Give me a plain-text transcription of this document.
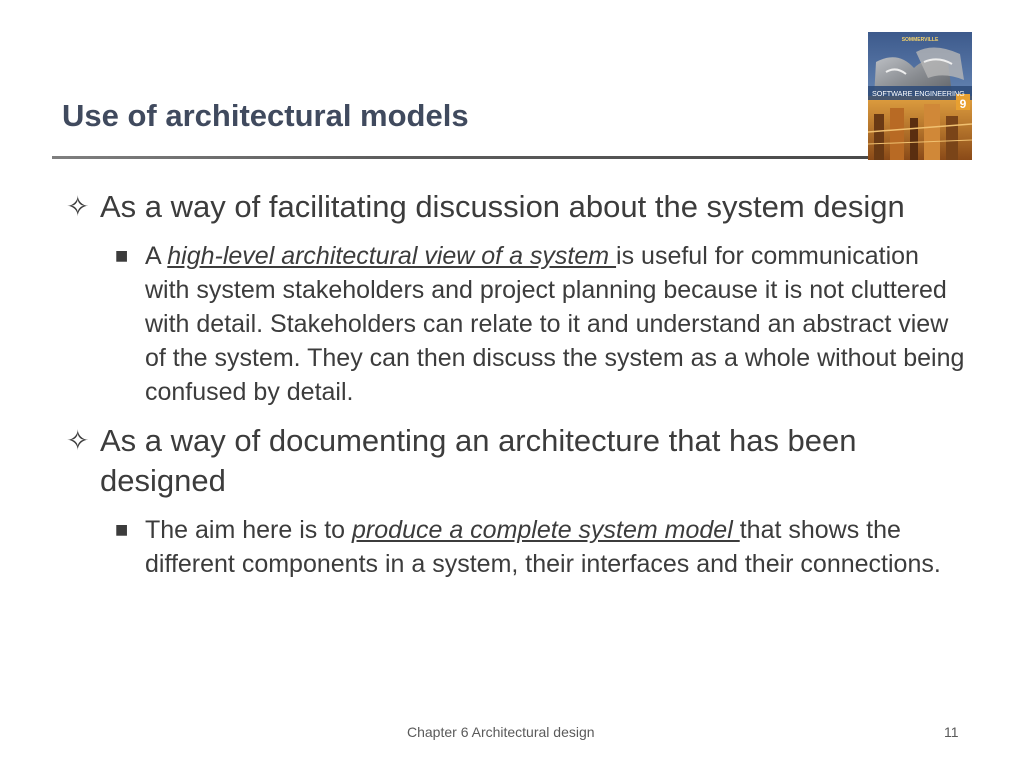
Use of architectural models
SOMMERVILLE
SOFTWARE ENGINEERING
9

✧ As a way of facilitating discussion about the system design

■ A high-level architectural view of a system is useful for communication with system stakeholders and project planning because it is not cluttered with detail. Stakeholders can relate to it and understand an abstract view of the system. They can then discuss the system as a whole without being confused by detail.

✧ As a way of documenting an architecture that has been designed

■ The aim here is to produce a complete system model that shows the different components in a system, their interfaces and their connections.

Chapter 6 Architectural design	11
